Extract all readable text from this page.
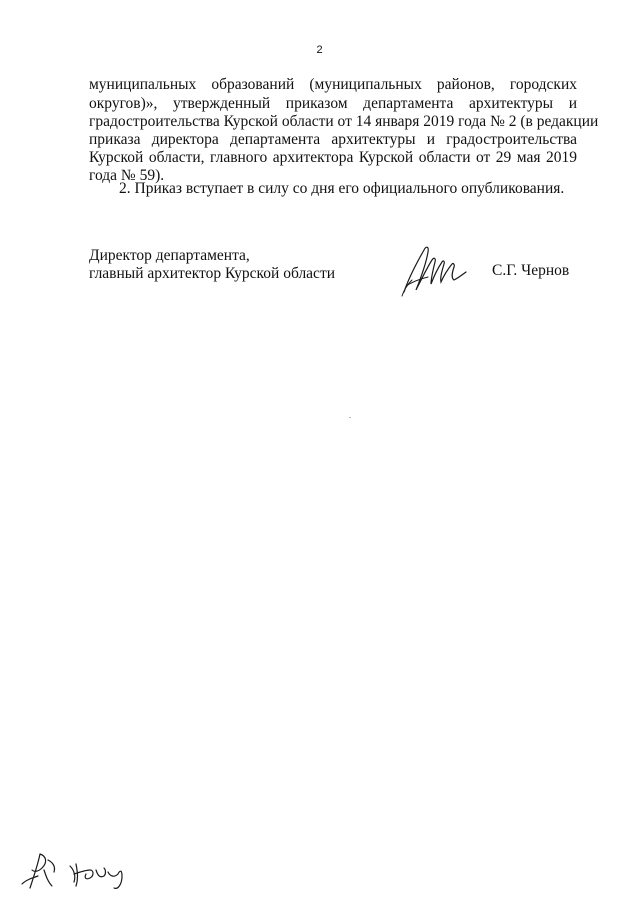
2
муниципальных образований (муниципальных районов, городских
округов)», утвержденный приказом департамента архитектуры и
градостроительства Курской области от 14 января 2019 года № 2 (в редакции
приказа директора департамента архитектуры и градостроительства
Курской области, главного архитектора Курской области от 29 мая 2019
года № 59).
2. Приказ вступает в силу со дня его официального опубликования.
Директор департамента,
главный архитектор Курской области	С.Г. Чернов
